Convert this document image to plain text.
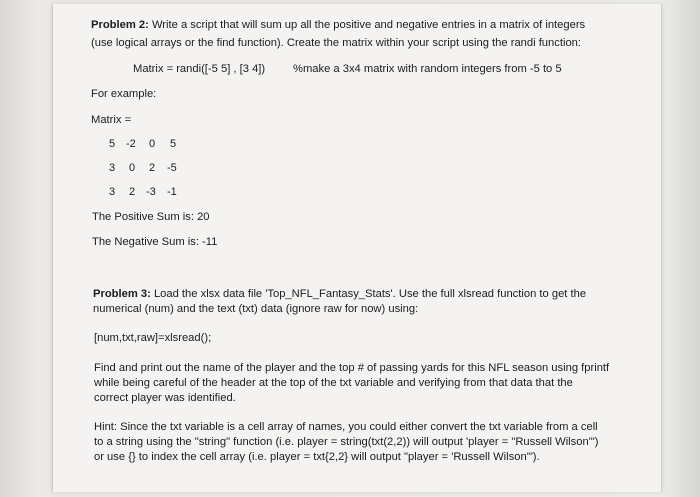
Problem 2: Write a script that will sum up all the positive and negative entries in a matrix of integers
(use logical arrays or the find function). Create the matrix within your script using the randi function:
Matrix = randi([-5 5] , [3 4]) %make a 3x4 matrix with random integers from -5 to 5
For example:
Matrix =
5 -2 0 5
3 0 2 -5
3 2 -3 -1
The Positive Sum is: 20
The Negative Sum is: -11
Problem 3: Load the xlsx data file 'Top_NFL_Fantasy_Stats'. Use the full xlsread function to get the
numerical (num) and the text (txt) data (ignore raw for now) using:
[num,txt,raw]=xlsread();
Find and print out the name of the player and the top # of passing yards for this NFL season using fprintf
while being careful of the header at the top of the txt variable and verifying from that data that the
correct player was identified.
Hint: Since the txt variable is a cell array of names, you could either convert the txt variable from a cell
to a string using the "string" function (i.e. player = string(txt(2,2)) will output 'player = "Russell Wilson"')
or use {} to index the cell array (i.e. player = txt{2,2} will output "player = 'Russell Wilson'").
